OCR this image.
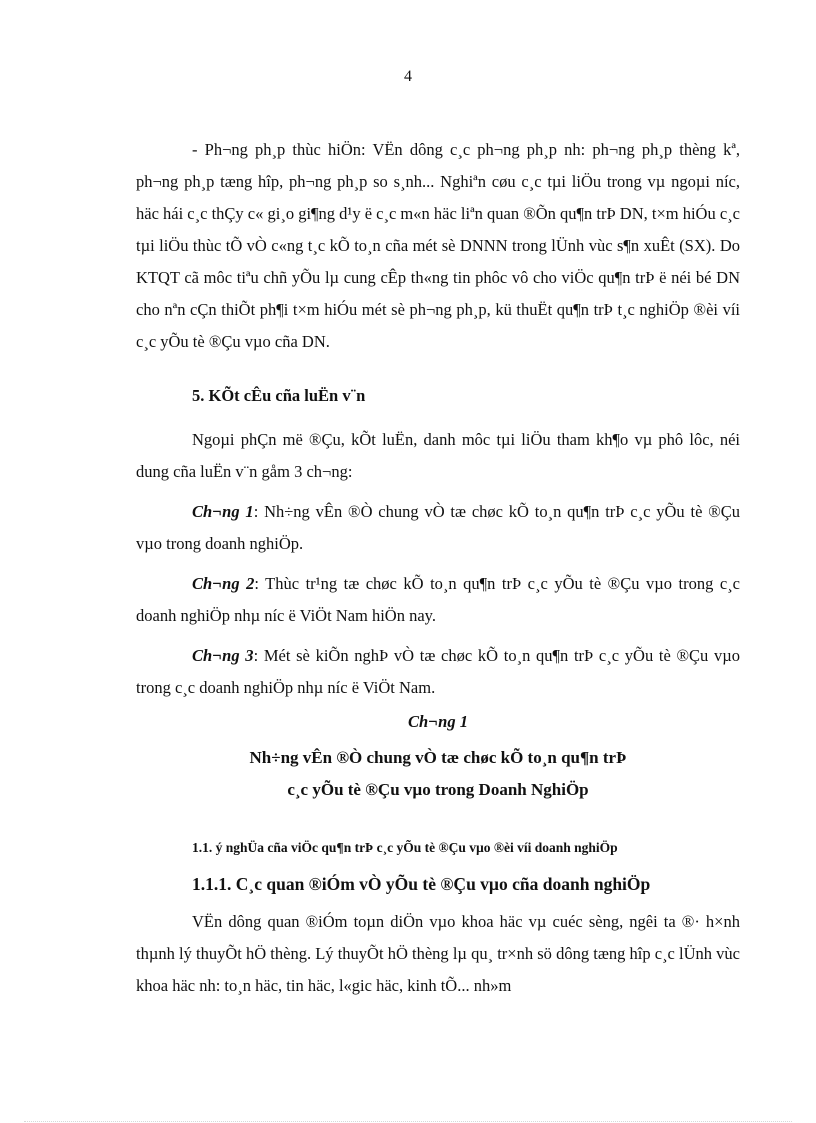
4

- Ph¬ng ph¸p thùc hiÖn: VËn dông c¸c ph¬ng ph¸p nh: ph¬ng ph¸p thèng kª, ph¬ng ph¸p tæng hîp, ph¬ng ph¸p so s¸nh... Nghiªn cøu c¸c tµi liÖu trong vµ ngoµi níc, häc hái c¸c thÇy c« gi¸o gi¶ng d¹y ë c¸c m«n häc liªn quan ®Õn qu¶n trÞ DN, t×m hiÓu c¸c tµi liÖu thùc tÕ vÒ c«ng t¸c kÕ to¸n cña mét sè DNNN trong lÜnh vùc s¶n xuÊt (SX). Do KTQT cã môc tiªu chñ yÕu lµ cung cÊp th«ng tin phôc vô cho viÖc qu¶n trÞ ë néi bé DN cho nªn cÇn thiÕt ph¶i t×m hiÓu mét sè ph¬ng ph¸p, kü thuËt qu¶n trÞ t¸c nghiÖp ®èi víi c¸c yÕu tè ®Çu vµo cña DN.

5. KÕt cÊu cña luËn v¨n

Ngoµi phÇn më ®Çu, kÕt luËn, danh môc tµi liÖu tham kh¶o vµ phô lôc, néi dung cña luËn v¨n gåm 3 ch¬ng:

Ch¬ng 1: Nh÷ng vÊn ®Ò chung vÒ tæ chøc kÕ to¸n qu¶n trÞ c¸c yÕu tè ®Çu vµo trong doanh nghiÖp.

Ch¬ng 2: Thùc tr¹ng tæ chøc kÕ to¸n qu¶n trÞ c¸c yÕu tè ®Çu vµo trong c¸c doanh nghiÖp nhµ níc ë ViÖt Nam hiÖn nay.

Ch¬ng 3: Mét sè kiÕn nghÞ vÒ tæ chøc kÕ to¸n qu¶n trÞ c¸c yÕu tè ®Çu vµo trong c¸c doanh nghiÖp nhµ níc ë ViÖt Nam.

Ch¬ng 1
Nh÷ng vÊn ®Ò chung vÒ tæ chøc kÕ to¸n qu¶n trÞ
c¸c yÕu tè ®Çu vµo trong Doanh NghiÖp
1.1. ý nghÜa cña viÖc qu¶n trÞ c¸c yÕu tè ®Çu vµo ®èi víi doanh nghiÖp
1.1.1. C¸c quan ®iÓm vÒ yÕu tè ®Çu vµo cña doanh nghiÖp

VËn dông quan ®iÓm toµn diÖn vµo khoa häc vµ cuéc sèng, ngêi ta ®· h×nh thµnh lý thuyÕt hÖ thèng. Lý thuyÕt hÖ thèng lµ qu¸ tr×nh sö dông tæng hîp c¸c lÜnh vùc khoa häc nh: to¸n häc, tin häc, l«gic häc, kinh tÕ... nh»m
